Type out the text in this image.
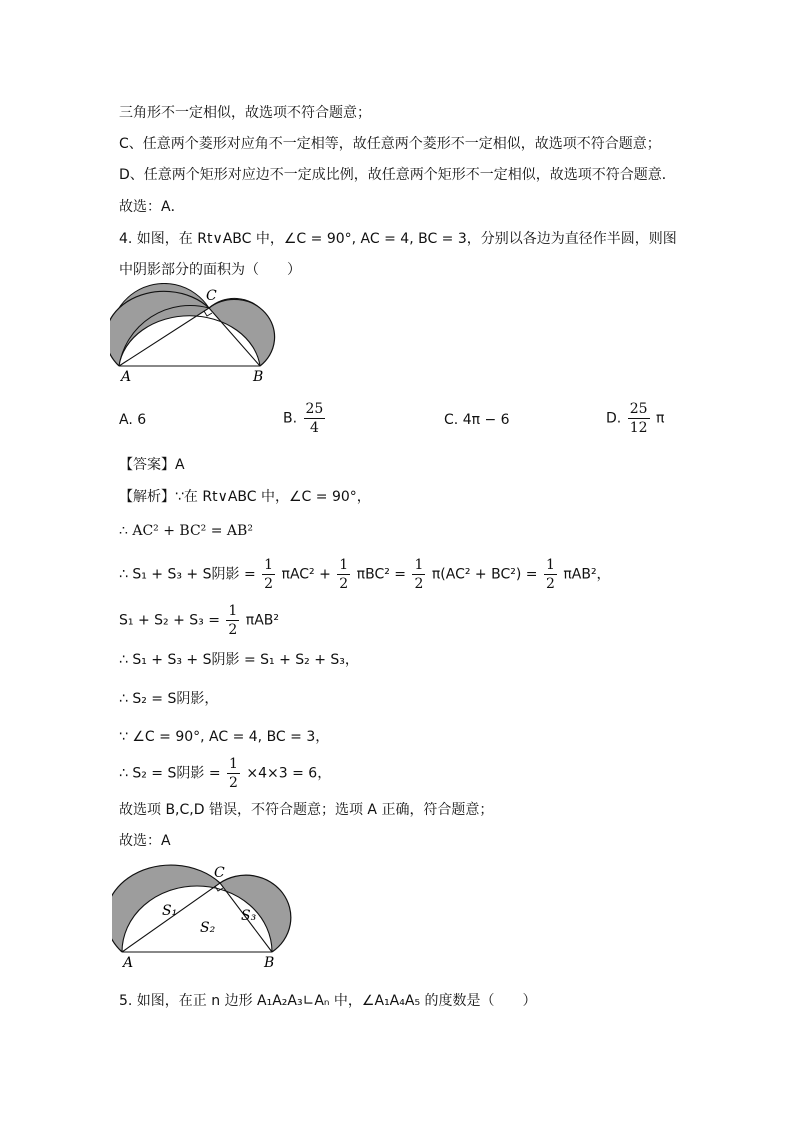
三角形不一定相似，故选项不符合题意；
C、任意两个菱形对应角不一定相等，故任意两个菱形不一定相似，故选项不符合题意；
D、任意两个矩形对应边不一定成比例，故任意两个矩形不一定相似，故选项不符合题意．
故选：A．
4. 如图，在 Rt∨ABC 中，∠C = 90°, AC = 4, BC = 3，分别以各边为直径作半圆，则图
中阴影部分的面积为（　　）
C
A	B
A. 6	B. $\frac{25}{4}$	C. 4π − 6	D. $\frac{25}{12}$ π
【答案】A
【解析】∵在 Rt∨ABC 中，∠C = 90°，
∴ AC² + BC² = AB²
∴ S₁ + S₃ + S阴影 = $\frac{1}{2} \pi AC^2 + \frac{1}{2} \pi BC^2 = \frac{1}{2} \pi(AC^2 + BC^2) = \frac{1}{2} \pi AB^2$，
$S_1 + S_2 + S_3 = \frac{1}{2} \pi AB^2$
∴ S₁ + S₃ + S阴影 = S₁ + S₂ + S₃，
∴ S₂ = S阴影，
∵ ∠C = 90°, AC = 4, BC = 3，
∴ S₂ = S阴影 = $\frac{1}{2} \times 4\times 3 = 6$，
故选项 B,C,D 错误，不符合题意；选项 A 正确，符合题意；
故选：A
C
A	B
S₁
S₂
S₃
5. 如图，在正 n 边形 A₁A₂A₃∟Aₙ 中，∠A₁A₄A₅ 的度数是（　　）
